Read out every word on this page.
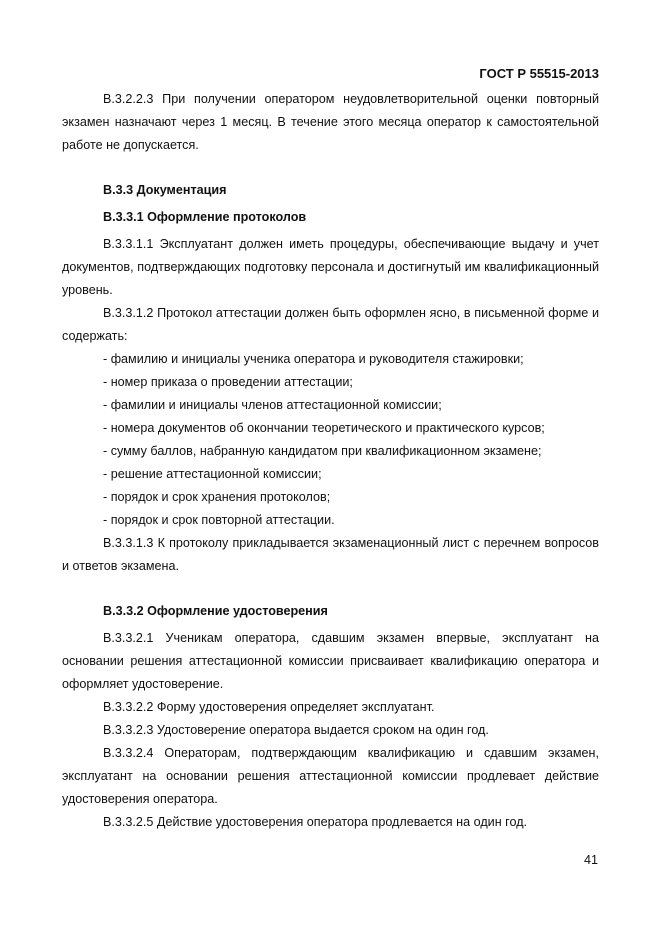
ГОСТ Р 55515-2013

В.3.2.2.3 При получении оператором неудовлетворительной оценки повторный экзамен назначают через 1 месяц. В течение этого месяца оператор к самостоятельной работе не допускается.

В.3.3 Документация

В.3.3.1 Оформление протоколов

В.3.3.1.1 Эксплуатант должен иметь процедуры, обеспечивающие выдачу и учет документов, подтверждающих подготовку персонала и достигнутый им квалификационный уровень.

В.3.3.1.2 Протокол аттестации должен быть оформлен ясно, в письменной форме и содержать:

- фамилию и инициалы ученика оператора и руководителя стажировки;

- номер приказа о проведении аттестации;

- фамилии и инициалы членов аттестационной комиссии;

- номера документов об окончании теоретического и практического курсов;

- сумму баллов, набранную кандидатом при квалификационном экзамене;

- решение аттестационной комиссии;

- порядок и срок хранения протоколов;

- порядок и срок повторной аттестации.

В.3.3.1.3 К протоколу прикладывается экзаменационный лист с перечнем вопросов и ответов экзамена.

В.3.3.2 Оформление удостоверения

В.3.3.2.1 Ученикам оператора, сдавшим экзамен впервые, эксплуатант на основании решения аттестационной комиссии присваивает квалификацию оператора и оформляет удостоверение.

В.3.3.2.2 Форму удостоверения определяет эксплуатант.

В.3.3.2.3 Удостоверение оператора выдается сроком на один год.

В.3.3.2.4 Операторам, подтверждающим квалификацию и сдавшим экзамен, эксплуатант на основании решения аттестационной комиссии продлевает действие удостоверения оператора.

В.3.3.2.5 Действие удостоверения оператора продлевается на один год.

41
